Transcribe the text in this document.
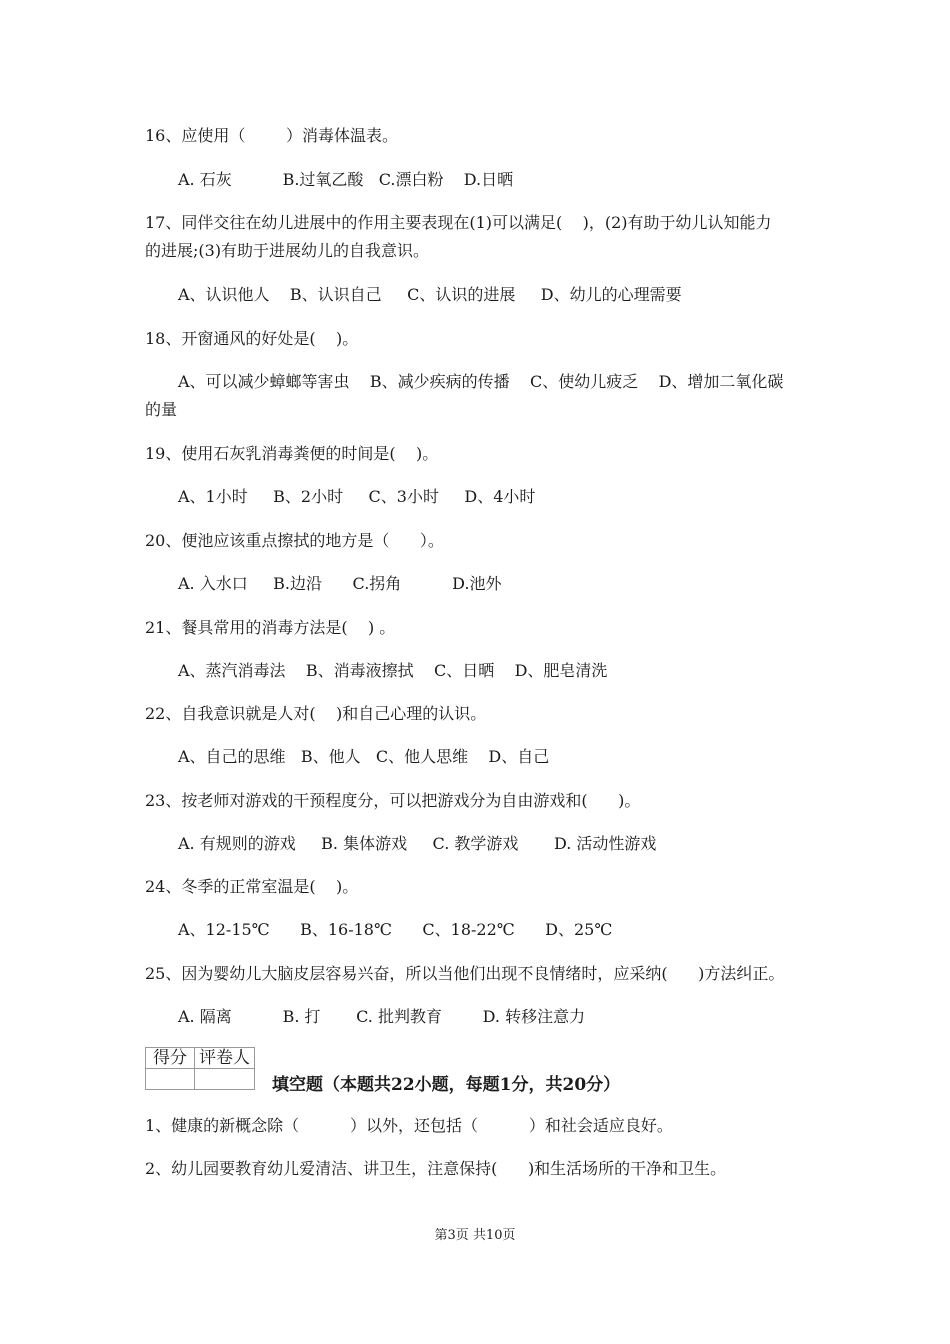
16、应使用（        ）消毒体温表。
A. 石灰          B.过氧乙酸   C.漂白粉    D.日晒
17、同伴交往在幼儿进展中的作用主要表现在(1)可以满足(    )，(2)有助于幼儿认知能力
的进展;(3)有助于进展幼儿的自我意识。
A、认识他人    B、认识自己     C、认识的进展     D、幼儿的心理需要
18、开窗通风的好处是(    )。
A、可以减少蟑螂等害虫    B、减少疾病的传播    C、使幼儿疲乏    D、增加二氧化碳
的量
19、使用石灰乳消毒粪便的时间是(    )。
A、1小时     B、2小时     C、3小时     D、4小时
20、便池应该重点擦拭的地方是（      ）。
A. 入水口     B.边沿      C.拐角          D.池外
21、餐具常用的消毒方法是(    ) 。
A、蒸汽消毒法    B、消毒液擦拭    C、日晒    D、肥皂清洗
22、自我意识就是人对(    )和自己心理的认识。
A、自己的思维   B、他人   C、他人思维    D、自己
23、按老师对游戏的干预程度分，可以把游戏分为自由游戏和(      )。
A. 有规则的游戏     B. 集体游戏     C. 教学游戏       D. 活动性游戏
24、冬季的正常室温是(    )。
A、12-15℃      B、16-18℃      C、18-22℃      D、25℃
25、因为婴幼儿大脑皮层容易兴奋，所以当他们出现不良情绪时，应采纳(      )方法纠正。
A. 隔离          B. 打       C. 批判教育        D. 转移注意力
得分	评卷人

填空题（本题共22小题，每题1分，共20分）
1、健康的新概念除（          ）以外，还包括（          ）和社会适应良好。
2、幼儿园要教育幼儿爱清洁、讲卫生，注意保持(      )和生活场所的干净和卫生。
第3页 共10页
